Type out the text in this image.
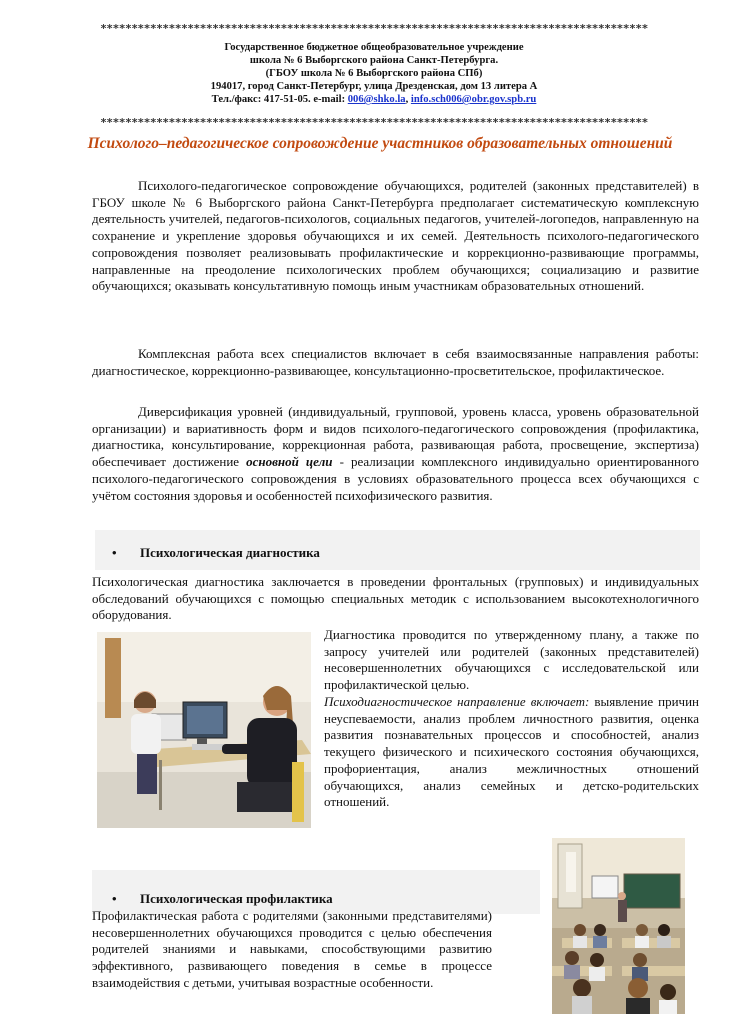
****************************************************************************************
Государственное бюджетное общеобразовательное учреждение
школа № 6 Выборгского района Санкт-Петербурга.
(ГБОУ школа № 6 Выборгского района СПб)
194017, город Санкт-Петербург, улица Дрезденская, дом 13 литера А
Тел./факс: 417-51-05. e-mail: 006@shko.la, info.sch006@obr.gov.spb.ru
****************************************************************************************
Психолого–педагогическое сопровождение участников образовательных отношений

Психолого-педагогическое сопровождение обучающихся, родителей (законных представителей) в ГБОУ школе № 6 Выборгского района Санкт-Петербурга предполагает систематическую комплексную деятельность учителей, педагогов-психологов, социальных педагогов, учителей-логопедов, направленную на сохранение и укрепление здоровья обучающихся и их семей. Деятельность психолого-педагогического сопровождения позволяет реализовывать профилактические и коррекционно-развивающие программы, направленные на преодоление психологических проблем обучающихся; социализацию и развитие обучающихся; оказывать консультативную помощь иным участникам образовательных отношений.

Комплексная работа всех специалистов включает в себя взаимосвязанные направления работы: диагностическое, коррекционно-развивающее, консультационно-просветительское, профилактическое.

Диверсификация уровней (индивидуальный, групповой, уровень класса, уровень образовательной организации) и вариативность форм и видов психолого-педагогического сопровождения (профилактика, диагностика, консультирование, коррекционная работа, развивающая работа, просвещение, экспертиза) обеспечивает достижение основной цели - реализации комплексного индивидуально ориентированного психолого-педагогического сопровождения в условиях образовательного процесса всех обучающихся с учётом состояния здоровья и особенностей психофизического развития.

• Психологическая диагностика

Психологическая диагностика заключается в проведении фронтальных (групповых) и индивидуальных обследований обучающихся с помощью специальных методик с использованием высокотехнологичного оборудования.

Диагностика проводится по утвержденному плану, а также по запросу учителей или родителей (законных представителей) несовершеннолетних обучающихся с исследовательской или профилактической целью.

Психодиагностическое направление включает: выявление причин неуспеваемости, анализ проблем личностного развития, оценка развития познавательных процессов и способностей, анализ текущего физического и психического состояния обучающихся, профориентация, анализ межличностных отношений обучающихся, анализ семейных и детско-родительских отношений.

• Психологическая профилактика

Профилактическая работа с родителями (законными представителями) несовершеннолетних обучающихся проводится с целью обеспечения родителей знаниями и навыками, способствующими развитию эффективного, развивающего поведения в семье в процессе взаимодействия с детьми, учитывая возрастные особенности.
